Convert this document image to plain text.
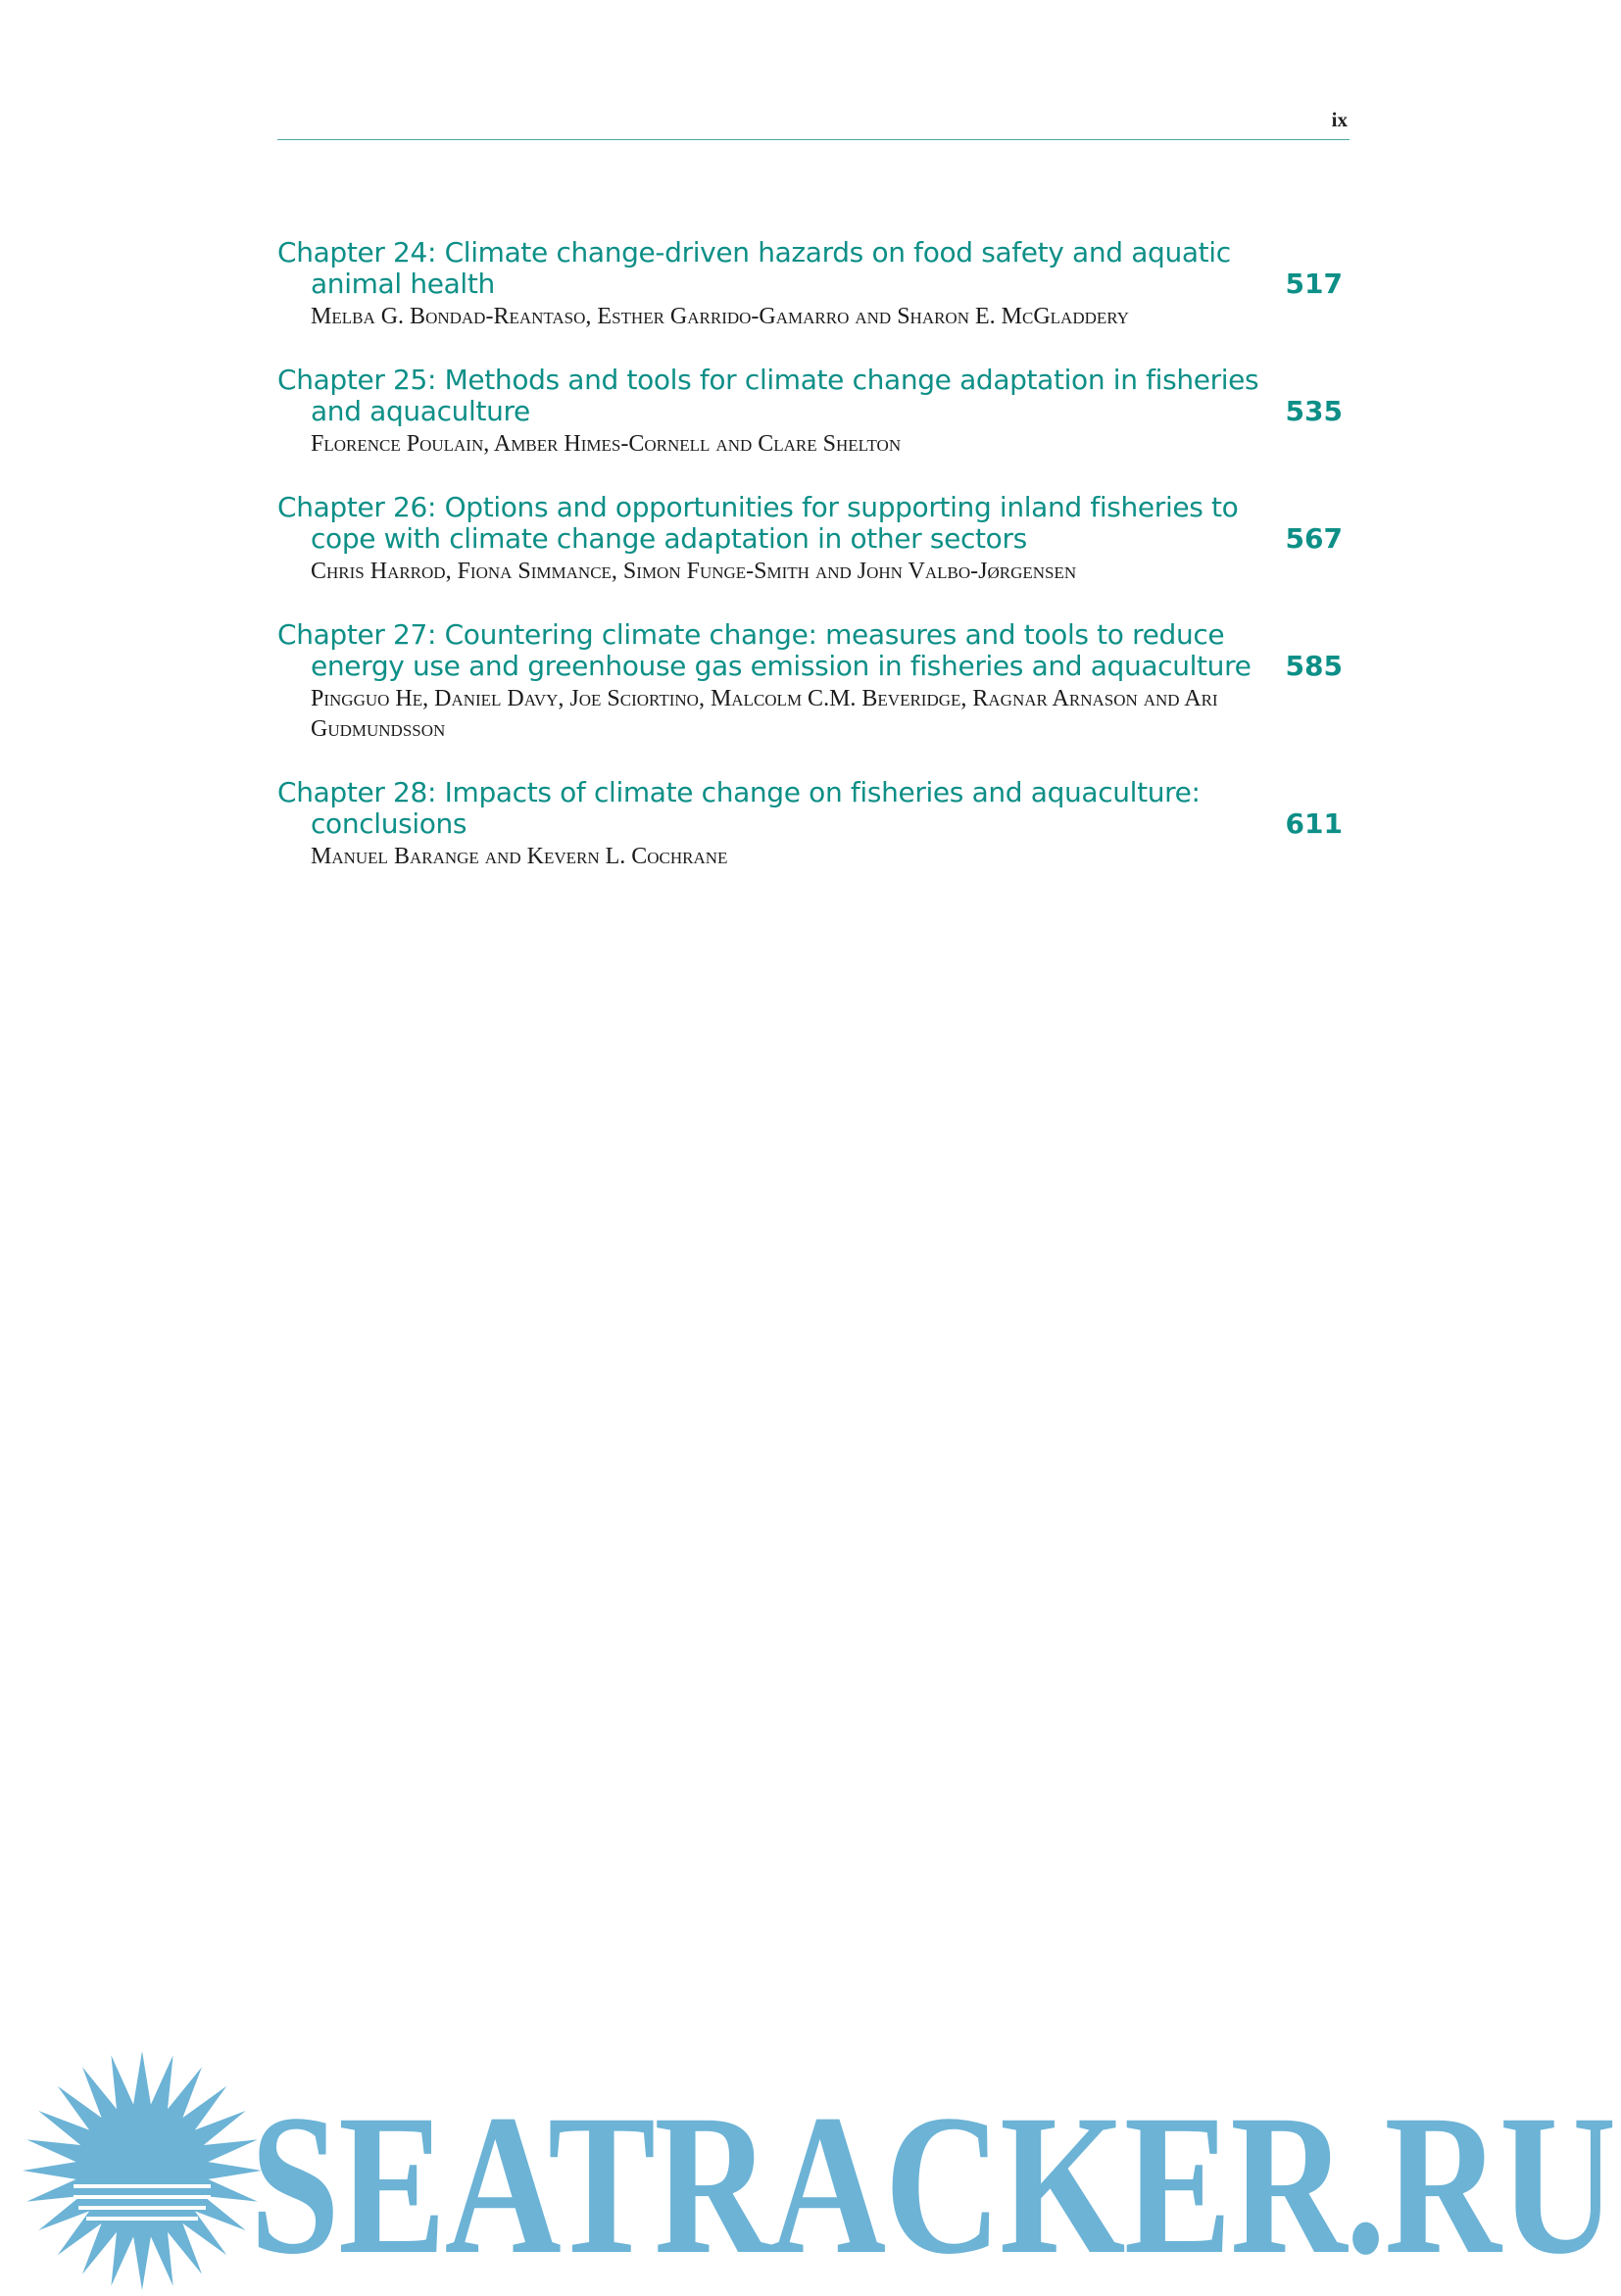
ix
Chapter 24: Climate change-driven hazards on food safety and aquatic animal health	517
Melba G. Bondad-Reantaso, Esther Garrido-Gamarro and Sharon E. McGladdery
Chapter 25: Methods and tools for climate change adaptation in fisheries and aquaculture	535
Florence Poulain, Amber Himes-Cornell and Clare Shelton
Chapter 26: Options and opportunities for supporting inland fisheries to cope with climate change adaptation in other sectors	567
Chris Harrod, Fiona Simmance, Simon Funge-Smith and John Valbo-Jørgensen
Chapter 27: Countering climate change: measures and tools to reduce energy use and greenhouse gas emission in fisheries and aquaculture	585
Pingguo He, Daniel Davy, Joe Sciortino, Malcolm C.M. Beveridge, Ragnar Arnason and Ari Gudmundsson
Chapter 28: Impacts of climate change on fisheries and aquaculture: conclusions	611
Manuel Barange and Kevern L. Cochrane
SEATRACKER.RU
